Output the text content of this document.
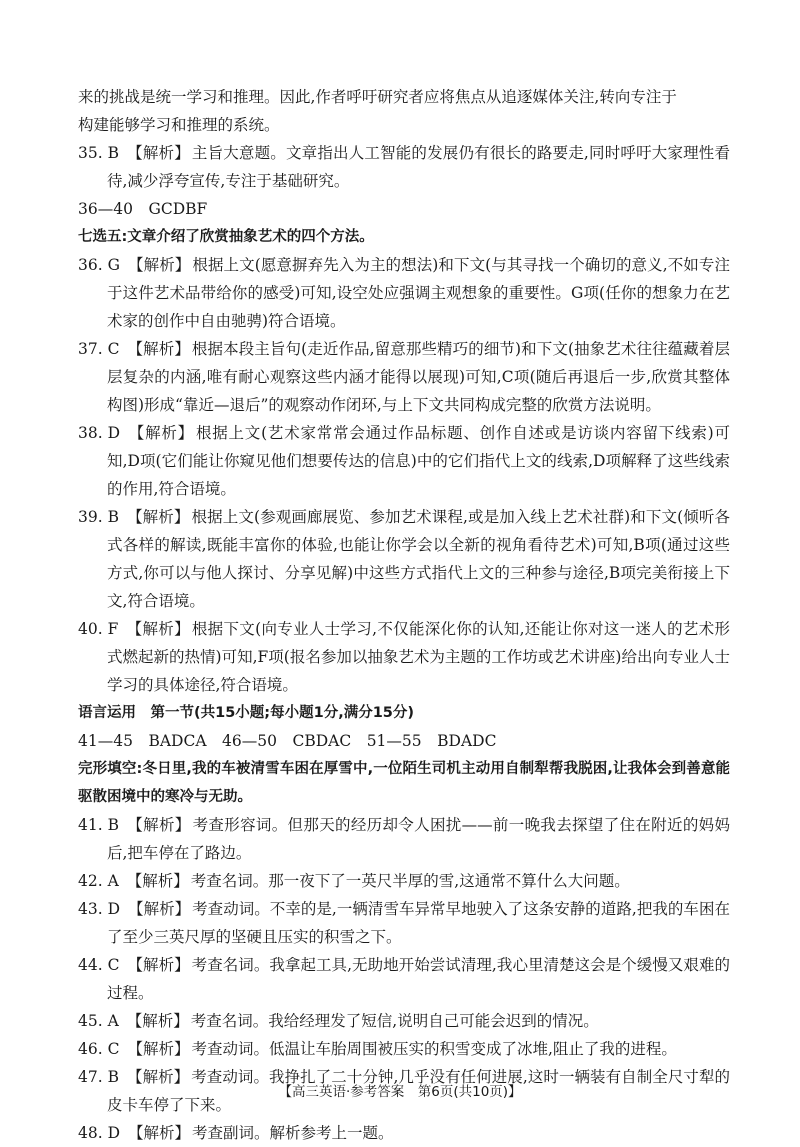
来的挑战是统一学习和推理。因此,作者呼吁研究者应将焦点从追逐媒体关注,转向专注于

构建能够学习和推理的系统。

35. B 【解析】 主旨大意题。文章指出人工智能的发展仍有很长的路要走,同时呼吁大家理性看待,减少浮夸宣传,专注于基础研究。

36—40　GCDBF

七选五:文章介绍了欣赏抽象艺术的四个方法。

36. G 【解析】 根据上文(愿意摒弃先入为主的想法)和下文(与其寻找一个确切的意义,不如专注于这件艺术品带给你的感受)可知,设空处应强调主观想象的重要性。G项(任你的想象力在艺术家的创作中自由驰骋)符合语境。

37. C 【解析】 根据本段主旨句(走近作品,留意那些精巧的细节)和下文(抽象艺术往往蕴藏着层层复杂的内涵,唯有耐心观察这些内涵才能得以展现)可知,C项(随后再退后一步,欣赏其整体构图)形成“靠近—退后”的观察动作闭环,与上下文共同构成完整的欣赏方法说明。

38. D 【解析】 根据上文(艺术家常常会通过作品标题、创作自述或是访谈内容留下线索)可知,D项(它们能让你窥见他们想要传达的信息)中的它们指代上文的线索,D项解释了这些线索的作用,符合语境。

39. B 【解析】 根据上文(参观画廊展览、参加艺术课程,或是加入线上艺术社群)和下文(倾听各式各样的解读,既能丰富你的体验,也能让你学会以全新的视角看待艺术)可知,B项(通过这些方式,你可以与他人探讨、分享见解)中这些方式指代上文的三种参与途径,B项完美衔接上下文,符合语境。

40. F 【解析】 根据下文(向专业人士学习,不仅能深化你的认知,还能让你对这一迷人的艺术形式燃起新的热情)可知,F项(报名参加以抽象艺术为主题的工作坊或艺术讲座)给出向专业人士学习的具体途径,符合语境。

语言运用　第一节(共15小题;每小题1分,满分15分)

41—45　BADCA　46—50　CBDAC　51—55　BDADC

完形填空:冬日里,我的车被清雪车困在厚雪中,一位陌生司机主动用自制犁帮我脱困,让我体会到善意能驱散困境中的寒冷与无助。

41. B 【解析】 考查形容词。但那天的经历却令人困扰——前一晚我去探望了住在附近的妈妈后,把车停在了路边。

42. A 【解析】 考查名词。那一夜下了一英尺半厚的雪,这通常不算什么大问题。

43. D 【解析】 考查动词。不幸的是,一辆清雪车异常早地驶入了这条安静的道路,把我的车困在了至少三英尺厚的坚硬且压实的积雪之下。

44. C 【解析】 考查名词。我拿起工具,无助地开始尝试清理,我心里清楚这会是个缓慢又艰难的过程。

45. A 【解析】 考查名词。我给经理发了短信,说明自己可能会迟到的情况。

46. C 【解析】 考查动词。低温让车胎周围被压实的积雪变成了冰堆,阻止了我的进程。

47. B 【解析】 考查动词。我挣扎了二十分钟,几乎没有任何进展,这时一辆装有自制全尺寸犁的皮卡车停了下来。

48. D 【解析】 考查副词。解析参考上一题。

【高三英语·参考答案　第6页(共10页)】
